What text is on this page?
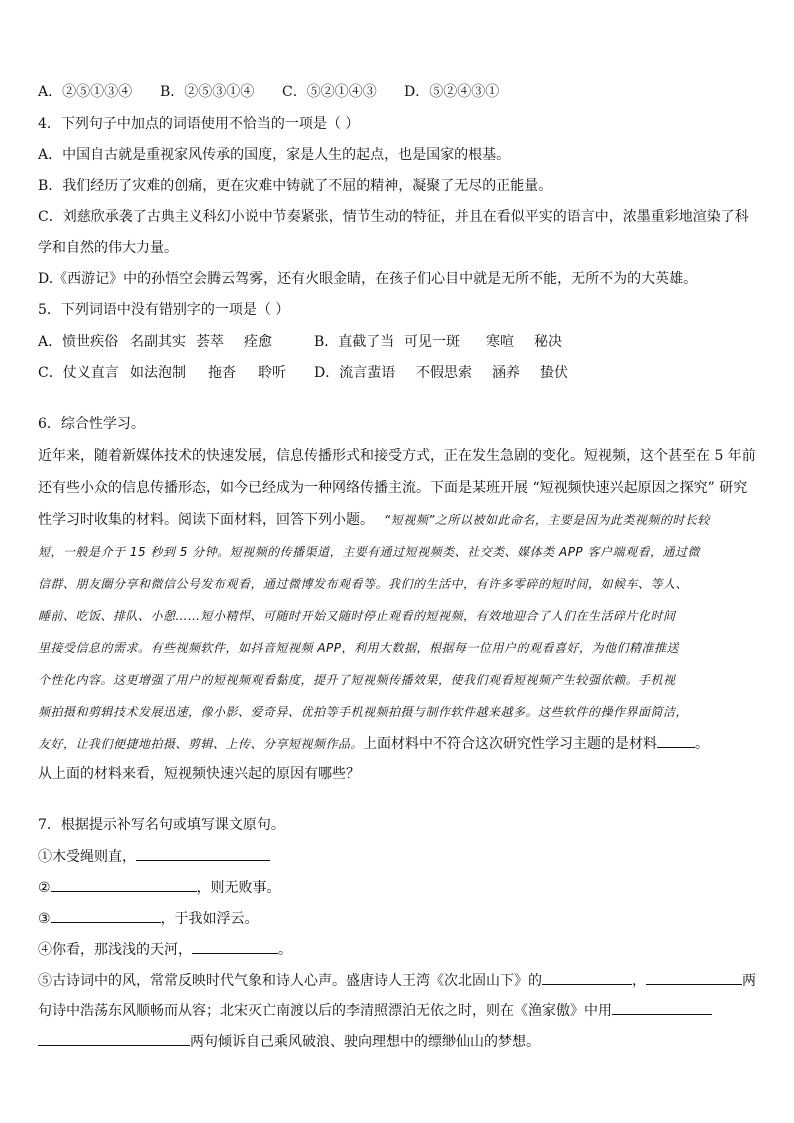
A．②⑤①③④ B．②⑤③①④ C．⑤②①④③ D．⑤②④③①
4．下列句子中加点的词语使用不恰当的一项是（ ）
A．中国自古就是重视家风传承的国度，家是人生的起点，也是国家的根基。
B．我们经历了灾难的创痛，更在灾难中铸就了不屈的精神，凝聚了无尽的正能量。
C．刘慈欣承袭了古典主义科幻小说中节奏紧张，情节生动的特征，并且在看似平实的语言中，浓墨重彩地渲染了科
学和自然的伟大力量。
D.《西游记》中的孙悟空会腾云驾雾，还有火眼金睛，在孩子们心目中就是无所不能，无所不为的大英雄。
5．下列词语中没有错别字的一项是（ ）
A．愤世疾俗 名副其实 荟萃 痊愈	B．直截了当 可见一斑 寒喧 秘决
C．仗义直言 如法泡制 拖沓 聆听 D．流言蜚语 不假思索 涵养 蛰伏
6．综合性学习。
近年来，随着新媒体技术的快速发展，信息传播形式和接受方式，正在发生急剧的变化。短视频，这个甚至在 5 年前
还有些小众的信息传播形态，如今已经成为一种网络传播主流。下面是某班开展 “短视频快速兴起原因之探究” 研究
性学习时收集的材料。阅读下面材料，回答下列小题。 “短视频”之所以被如此命名，主要是因为此类视频的时长较
短，一般是介于 15 秒到 5 分钟。短视频的传播渠道，主要有通过短视频类、社交类、媒体类 APP 客户端观看，通过微
信群、朋友圈分享和微信公号发布观看，通过微博发布观看等。我们的生活中，有许多零碎的短时间，如候车、等人、
睡前、吃饭、排队、小憩……短小精悍、可随时开始又随时停止观看的短视频，有效地迎合了人们在生活碎片化时间
里接受信息的需求。有些视频软件，如抖音短视频 APP，利用大数据，根据每一位用户的观看喜好，为他们精准推送
个性化内容。这更增强了用户的短视频观看黏度，提升了短视频传播效果，使我们观看短视频产生较强依赖。手机视
频拍摄和剪辑技术发展迅速，像小影、爱奇异、优拍等手机视频拍摄与制作软件越来越多。这些软件的操作界面简洁，
友好，让我们便捷地拍摄、剪辑、上传、分享短视频作品。上面材料中不符合这次研究性学习主题的是材料	。
从上面的材料来看，短视频快速兴起的原因有哪些？
7．根据提示补写名句或填写课文原句。
①木受绳则直，
②	，则无败事。
③	，于我如浮云。
④你看，那浅浅的天河，	。
⑤古诗词中的风，常常反映时代气象和诗人心声。盛唐诗人王湾《次北固山下》的	，	两
句诗中浩荡东风顺畅而从容；北宋灭亡南渡以后的李清照漂泊无依之时，则在《渔家傲》中用
两句倾诉自己乘风破浪、驶向理想中的缥缈仙山的梦想。
